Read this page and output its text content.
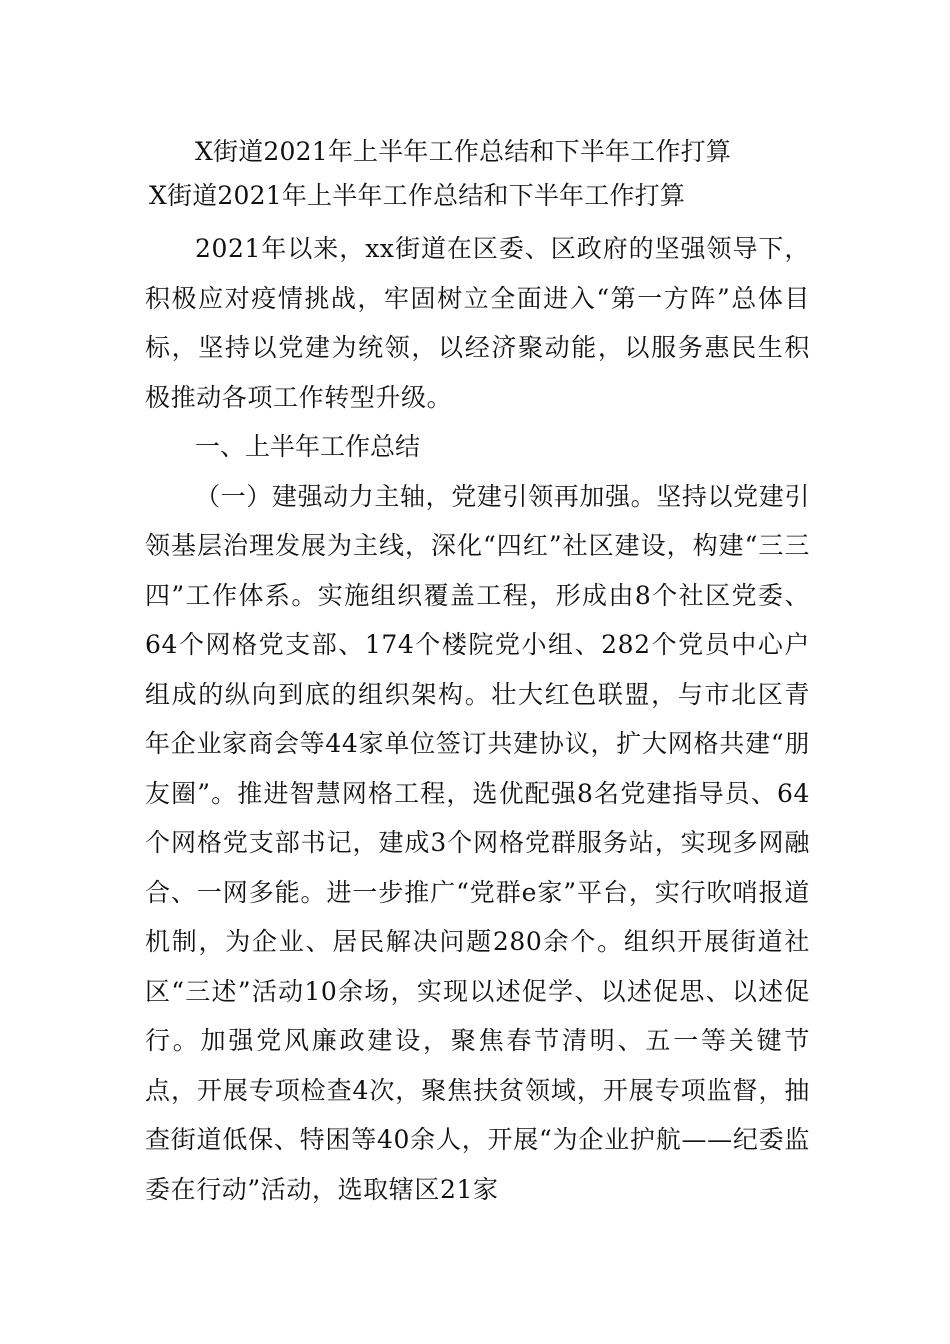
X街道2021年上半年工作总结和下半年工作打算
X街道2021年上半年工作总结和下半年工作打算

2021年以来，xx街道在区委、区政府的坚强领导下，积极应对疫情挑战，牢固树立全面进入“第一方阵”总体目标，坚持以党建为统领，以经济聚动能，以服务惠民生积极推动各项工作转型升级。

一、上半年工作总结

（一）建强动力主轴，党建引领再加强。坚持以党建引领基层治理发展为主线，深化“四红”社区建设，构建“三三四”工作体系。实施组织覆盖工程，形成由8个社区党委、64个网格党支部、174个楼院党小组、282个党员中心户组成的纵向到底的组织架构。壮大红色联盟，与市北区青年企业家商会等44家单位签订共建协议，扩大网格共建“朋友圈”。推进智慧网格工程，选优配强8名党建指导员、64个网格党支部书记，建成3个网格党群服务站，实现多网融合、一网多能。进一步推广“党群e家”平台，实行吹哨报道机制，为企业、居民解决问题280余个。组织开展街道社区“三述”活动10余场，实现以述促学、以述促思、以述促行。加强党风廉政建设，聚焦春节清明、五一等关键节点，开展专项检查4次，聚焦扶贫领域，开展专项监督，抽查街道低保、特困等40余人，开展“为企业护航——纪委监委在行动”活动，选取辖区21家
